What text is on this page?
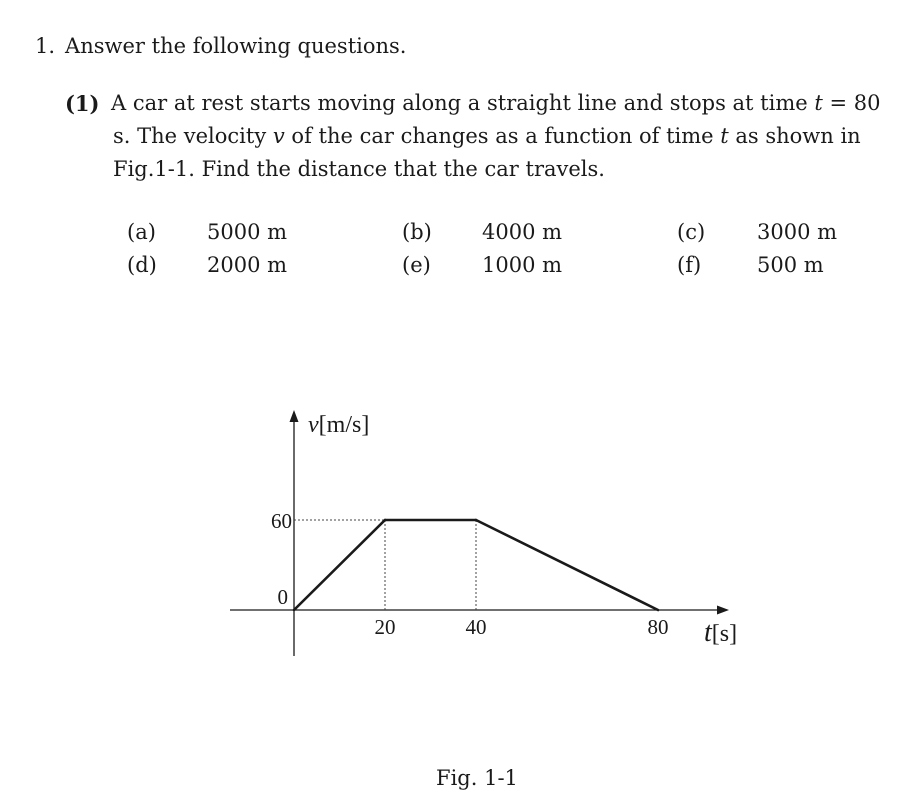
1. Answer the following questions.
(1) A car at rest starts moving along a straight line and stops at time t = 80
s. The velocity v of the car changes as a function of time t as shown in
Fig.1-1. Find the distance that the car travels.
(a) 5000 m	(b) 4000 m	(c) 3000 m
(d) 2000 m	(e) 1000 m	(f)	500 m
0
60
20	40	80
v[m/s]
t[s]
Fig. 1-1
